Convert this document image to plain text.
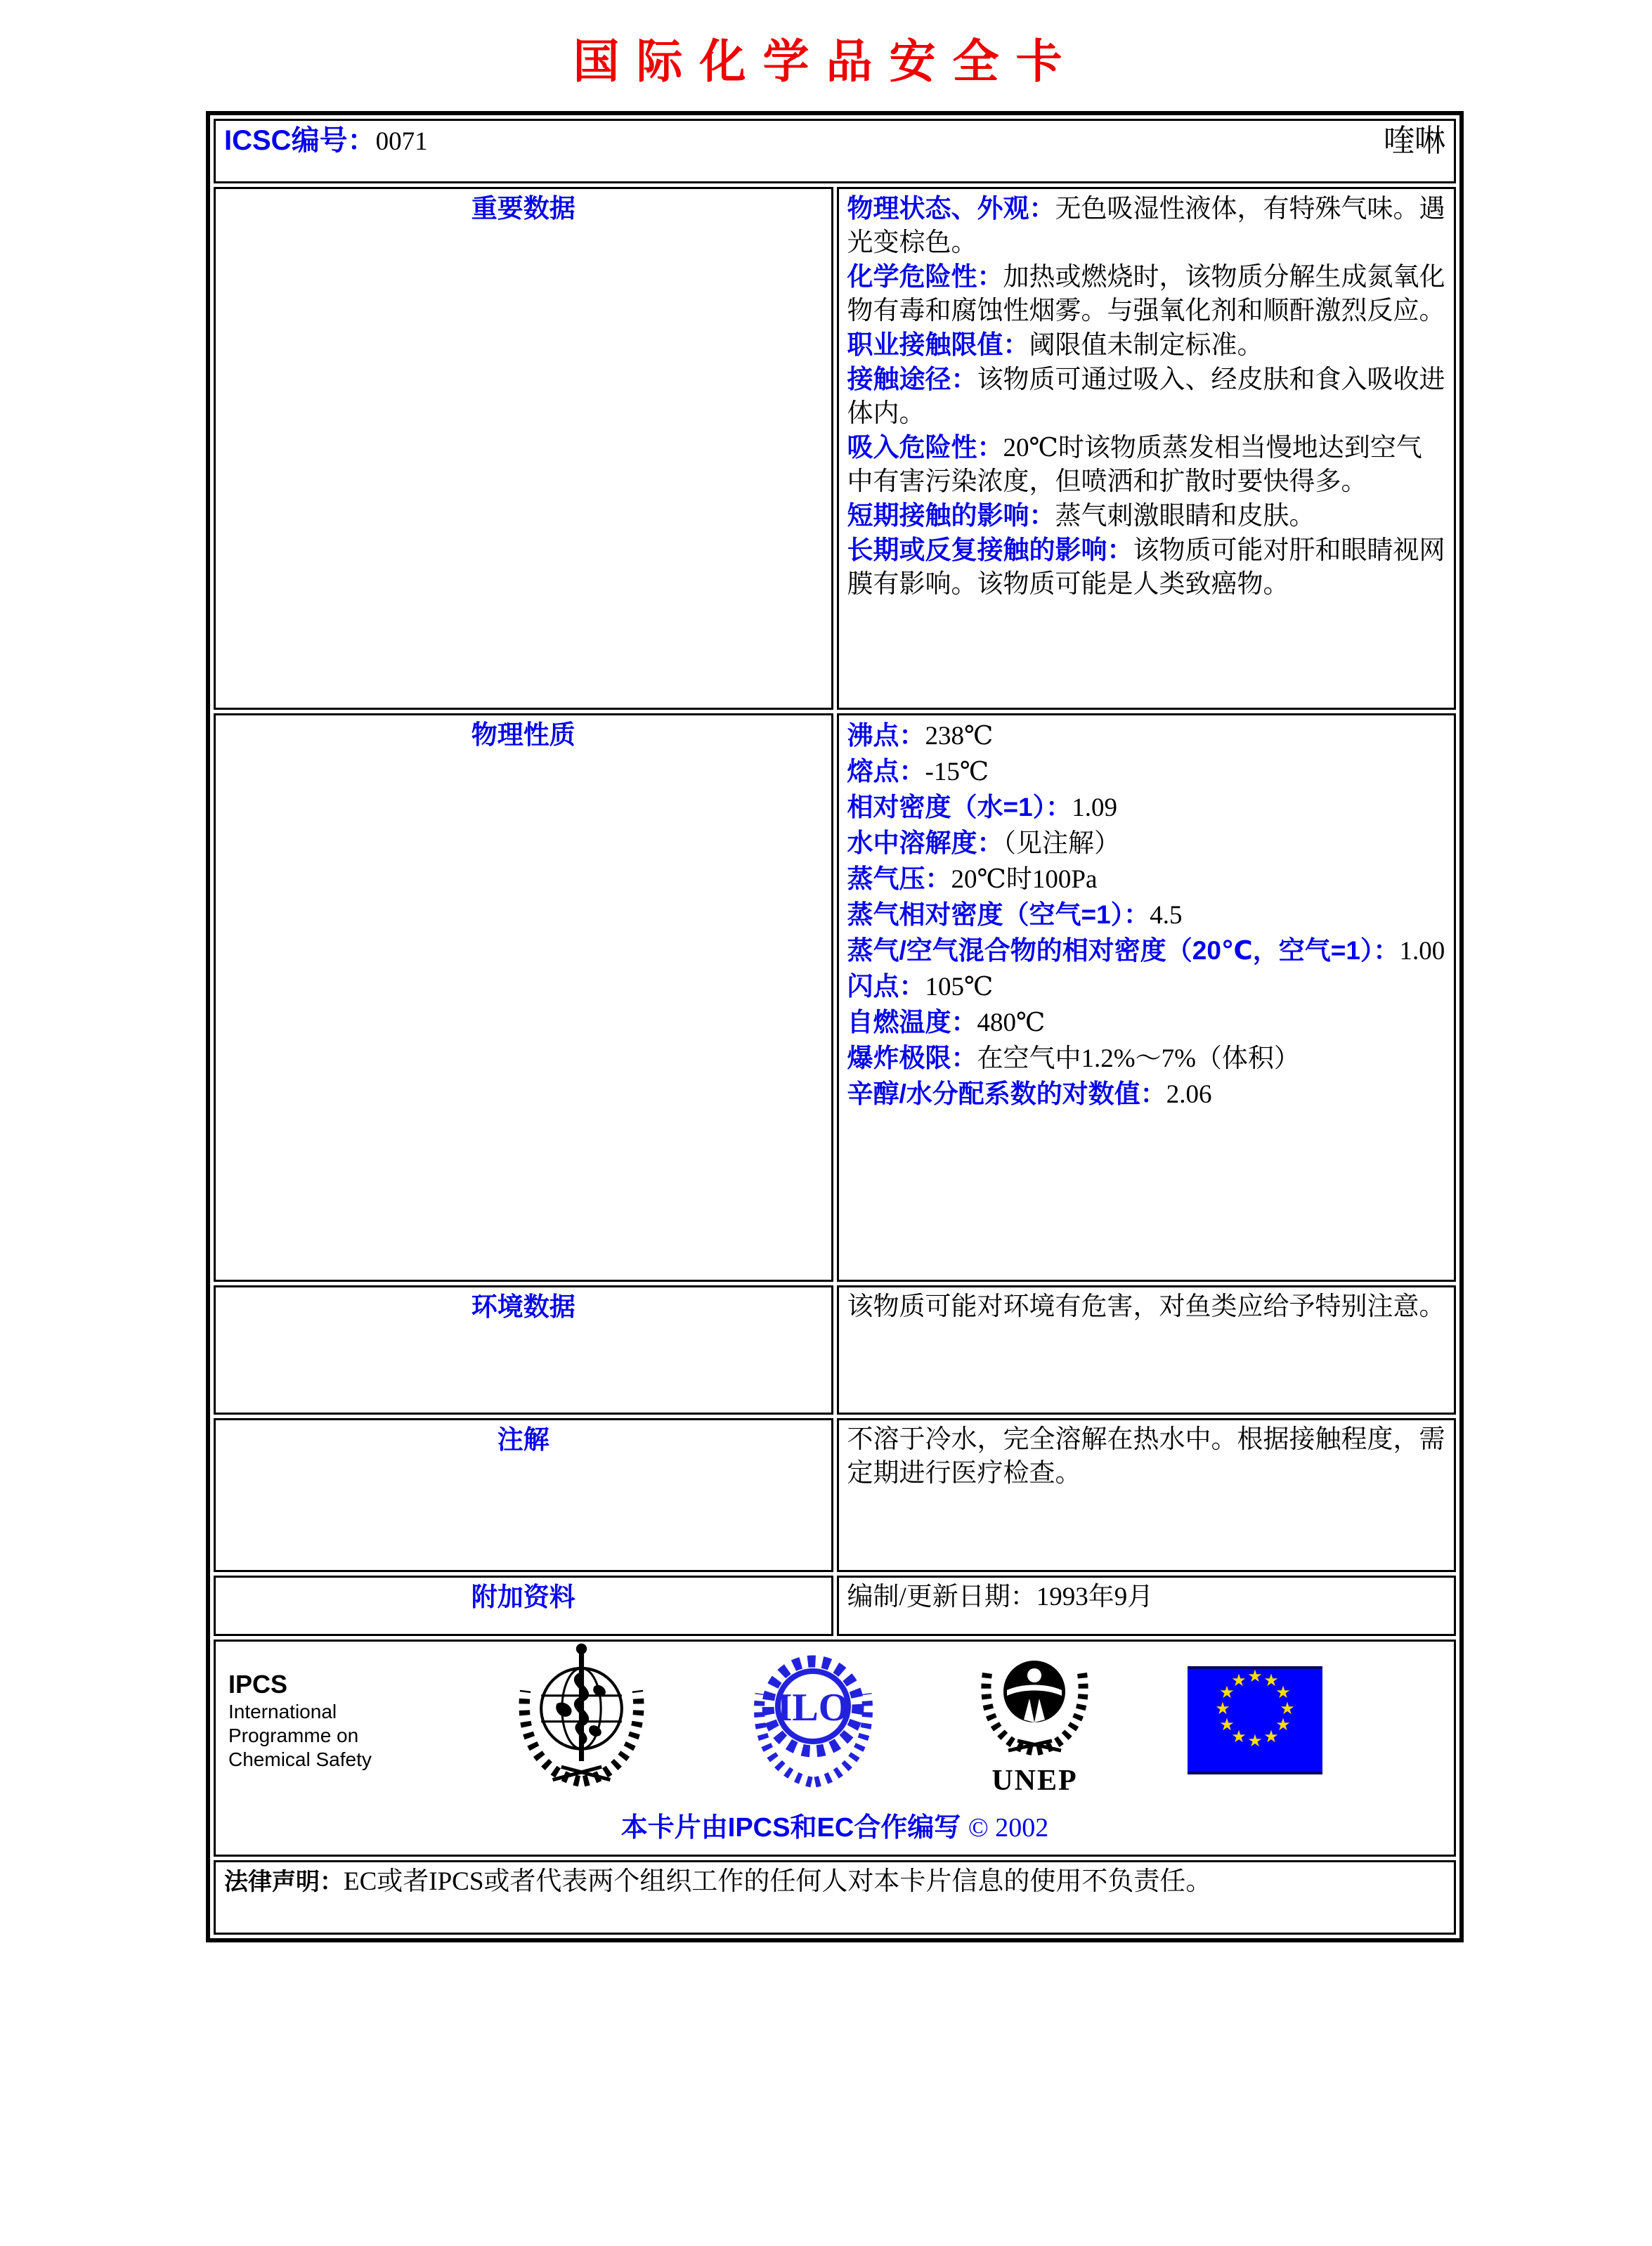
国际化学品安全卡
ICSC编号：0071 喹啉	

重要数据	物理状态、外观：无色吸湿性液体，有特殊气味。遇光变棕色。

化学危险性：加热或燃烧时，该物质分解生成氮氧化物有毒和腐蚀性烟雾。与强氧化剂和顺酐激烈反应。

职业接触限值：阈限值未制定标准。

接触途径：该物质可通过吸入、经皮肤和食入吸收进体内。

吸入危险性：20℃时该物质蒸发相当慢地达到空气中有害污染浓度，但喷洒和扩散时要快得多。

短期接触的影响：蒸气刺激眼睛和皮肤。

长期或反复接触的影响：该物质可能对肝和眼睛视网膜有影响。该物质可能是人类致癌物。

物理性质	沸点：238℃

熔点：-15℃

相对密度（水=1）：1.09

水中溶解度：（见注解）

蒸气压：20℃时100Pa

蒸气相对密度（空气=1）：4.5

蒸气/空气混合物的相对密度（20℃，空气=1）：1.00

闪点：105℃

自燃温度：480℃

爆炸极限：在空气中1.2%～7%（体积）

辛醇/水分配系数的对数值：2.06

环境数据	该物质可能对环境有危害，对鱼类应给予特别注意。

注解	不溶于冷水，完全溶解在热水中。根据接触程度，需定期进行医疗检查。

附加资料	编制/更新日期：1993年9月

IPCS
International
Programme on
Chemical Safety
ILO
UNEP
★ ★
★
★
★
★
★
★
★
★
★
★
本卡片由IPCS和EC合作编写 © 2002

法律声明：EC或者IPCS或者代表两个组织工作的任何人对本卡片信息的使用不负责任。	
